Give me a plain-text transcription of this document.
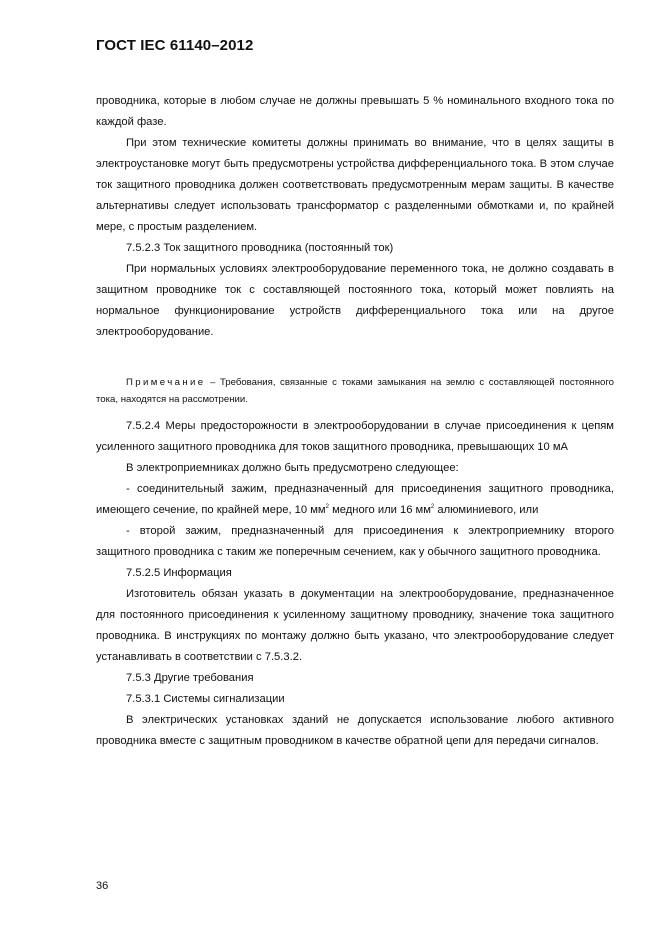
ГОСТ IEC 61140–2012

проводника, которые в любом случае не должны превышать 5 % номинального входного тока по каждой фазе.

При этом технические комитеты должны принимать во внимание, что в целях защиты в электроустановке могут быть предусмотрены устройства дифференциального тока. В этом случае ток защитного проводника должен соответствовать предусмотренным мерам защиты. В качестве альтернативы следует использовать трансформатор с разделенными обмотками и, по крайней мере, с простым разделением.

7.5.2.3 Ток защитного проводника (постоянный ток)

При нормальных условиях электрооборудование переменного тока, не должно создавать в защитном проводнике ток с составляющей постоянного тока, который может повлиять на нормальное функционирование устройств дифференциального тока или на другое электрооборудование.

Примечание – Требования, связанные с токами замыкания на землю с составляющей постоянного тока, находятся на рассмотрении.

7.5.2.4 Меры предосторожности в электрооборудовании в случае присоединения к цепям усиленного защитного проводника для токов защитного проводника, превышающих 10 мА

В электроприемниках должно быть предусмотрено следующее:

- соединительный зажим, предназначенный для присоединения защитного проводника, имеющего сечение, по крайней мере, 10 $мм^2$ медного или 16 $мм^2$ алюминиевого, или

- второй зажим, предназначенный для присоединения к электроприемнику второго защитного проводника с таким же поперечным сечением, как у обычного защитного проводника.

7.5.2.5 Информация

Изготовитель обязан указать в документации на электрооборудование, предназначенное для постоянного присоединения к усиленному защитному проводнику, значение тока защитного проводника. В инструкциях по монтажу должно быть указано, что электрооборудование следует устанавливать в соответствии с 7.5.3.2.

7.5.3 Другие требования

7.5.3.1 Системы сигнализации

В электрических установках зданий не допускается использование любого активного проводника вместе с защитным проводником в качестве обратной цепи для передачи сигналов.

36
